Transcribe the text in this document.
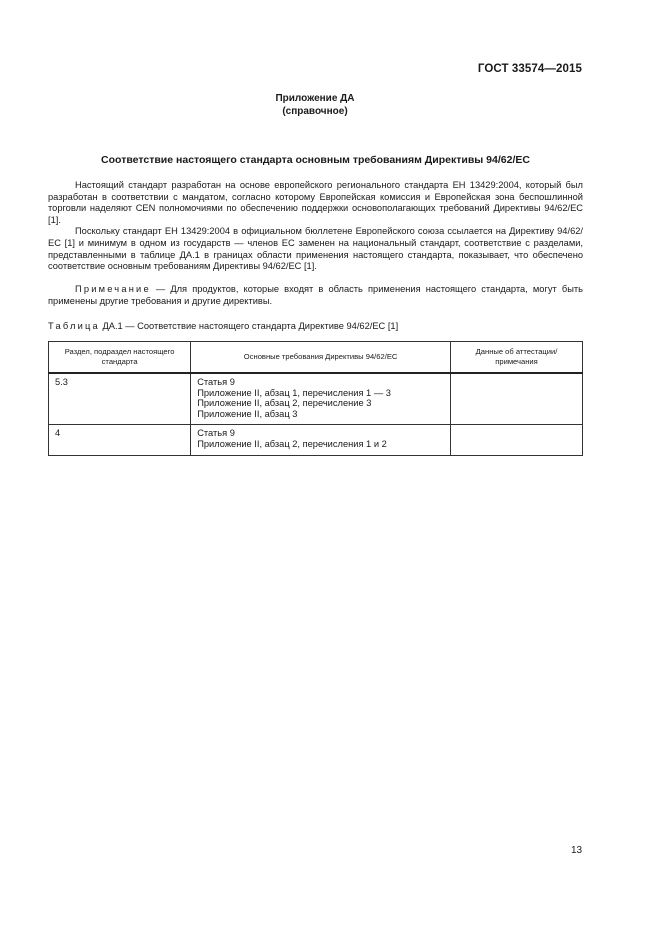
ГОСТ 33574—2015
Приложение ДА
(справочное)
Соответствие настоящего стандарта основным требованиям Директивы 94/62/ЕС

Настоящий стандарт разработан на основе европейского регионального стандарта ЕН 13429:2004, который был разработан в соответствии с мандатом, согласно которому Европейская комиссия и Европейская зона беспошлинной торговли наделяют CEN полномочиями по обеспечению поддержки основополагающих требований Директивы 94/62/ЕС [1].

Поскольку стандарт ЕН 13429:2004 в официальном бюллетене Европейского союза ссылается на Директиву 94/62/ЕС [1] и минимум в одном из государств — членов ЕС заменен на национальный стандарт, соответствие с разделами, представленными в таблице ДА.1 в границах области применения настоящего стандарта, показывает, что обеспечено соответствие основным требованиям Директивы 94/62/ЕС [1].

Примечание — Для продуктов, которые входят в область применения настоящего стандарта, могут быть применены другие требования и другие директивы.
Таблица ДА.1 — Соответствие настоящего стандарта Директиве 94/62/ЕС [1]
Раздел, подраздел настоящего стандарта	Основные требования Директивы 94/62/ЕС	Данные об аттестации/ примечания
5.3	Статья 9
Приложение II, абзац 1, перечисления 1 — 3
Приложение II, абзац 2, перечисление 3
Приложение II, абзац 3	

4	Статья 9
Приложение II, абзац 2, перечисления 1 и 2	

13
